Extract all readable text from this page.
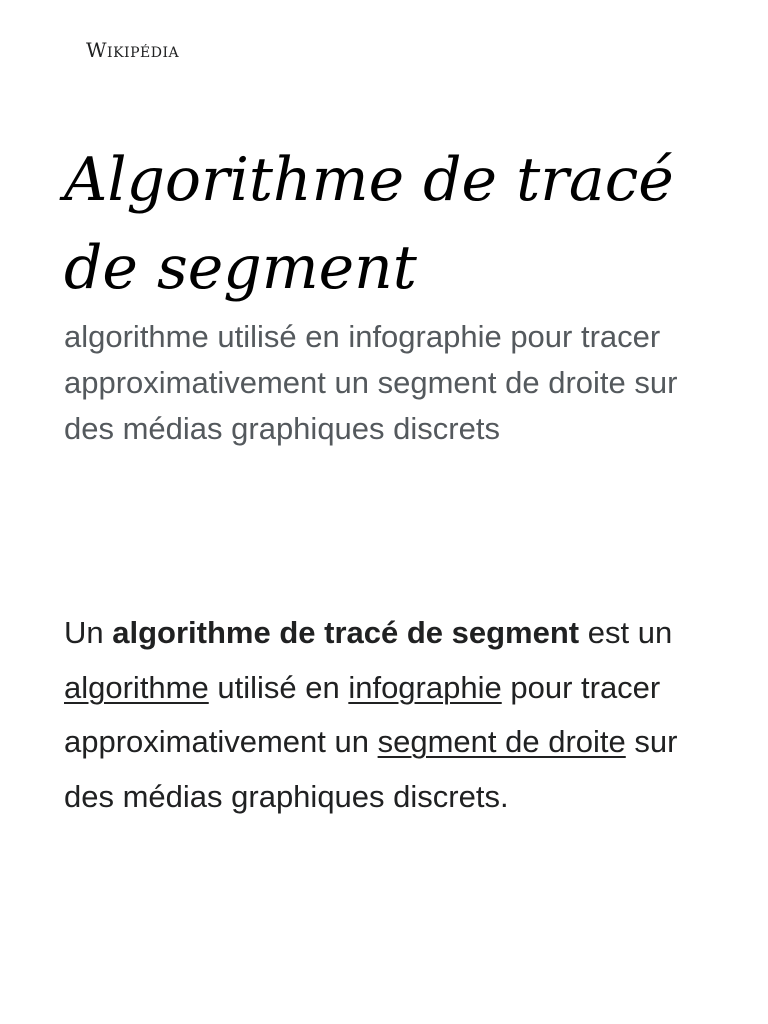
Wikipédia
Algorithme de tracé de segment

algorithme utilisé en infographie pour tracer approximativement un segment de droite sur des médias graphiques discrets

Un algorithme de tracé de segment est un algorithme utilisé en infographie pour tracer approximativement un segment de droite sur des médias graphiques discrets.
